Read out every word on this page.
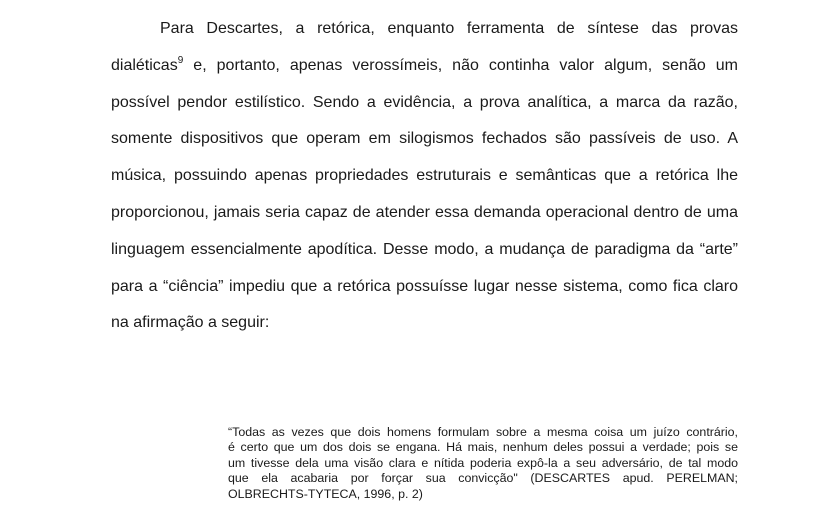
Para Descartes, a retórica, enquanto ferramenta de síntese das provas
dialéticas$^9$ e, portanto, apenas verossímeis, não continha valor algum, senão um
possível pendor estilístico. Sendo a evidência, a prova analítica, a marca da razão,
somente dispositivos que operam em silogismos fechados são passíveis de uso. A
música, possuindo apenas propriedades estruturais e semânticas que a retórica lhe
proporcionou, jamais seria capaz de atender essa demanda operacional dentro de uma
linguagem essencialmente apodítica. Desse modo, a mudança de paradigma da “arte”
para a “ciência” impediu que a retórica possuísse lugar nesse sistema, como fica claro
na afirmação a seguir:

“Todas as vezes que dois homens formulam sobre a mesma coisa um juízo contrário,
é certo que um dos dois se engana. Há mais, nenhum deles possui a verdade; pois se
um tivesse dela uma visão clara e nítida poderia expô-la a seu adversário, de tal modo
que ela acabaria por forçar sua convicção" (DESCARTES apud. PERELMAN;
OLBRECHTS-TYTECA, 1996, p. 2)
